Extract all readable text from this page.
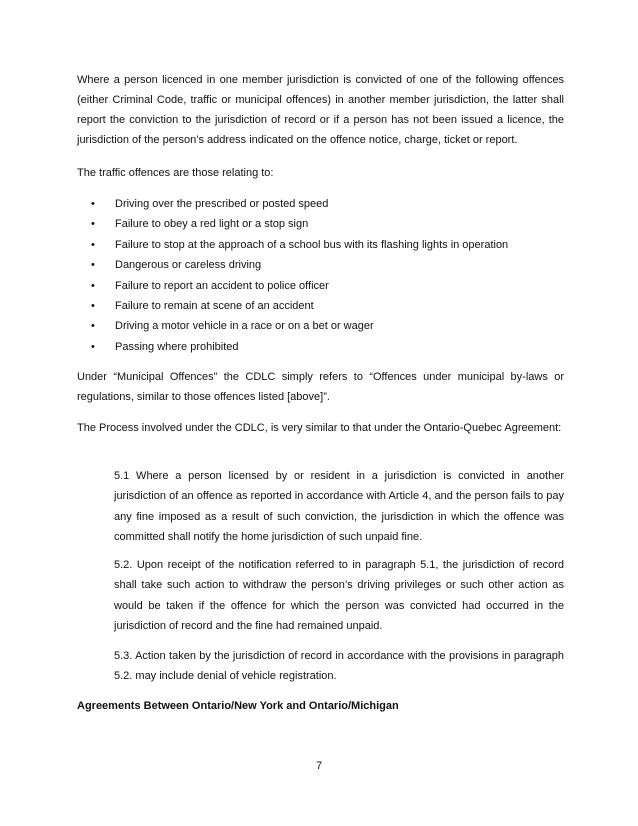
Where a person licenced in one member jurisdiction is convicted of one of the following offences (either Criminal Code, traffic or municipal offences) in another member jurisdiction, the latter shall report the conviction to the jurisdiction of record or if a person has not been issued a licence, the jurisdiction of the person’s address indicated on the offence notice, charge, ticket or report.

The traffic offences are those relating to:

• Driving over the prescribed or posted speed
• Failure to obey a red light or a stop sign
• Failure to stop at the approach of a school bus with its flashing lights in operation
• Dangerous or careless driving
• Failure to report an accident to police officer
• Failure to remain at scene of an accident
• Driving a motor vehicle in a race or on a bet or wager
• Passing where prohibited

Under “Municipal Offences” the CDLC simply refers to “Offences under municipal by-laws or regulations, similar to those offences listed [above]”.

The Process involved under the CDLC, is very similar to that under the Ontario-Quebec Agreement:

5.1 Where a person licensed by or resident in a jurisdiction is convicted in another jurisdiction of an offence as reported in accordance with Article 4, and the person fails to pay any fine imposed as a result of such conviction, the jurisdiction in which the offence was committed shall notify the home jurisdiction of such unpaid fine.

5.2. Upon receipt of the notification referred to in paragraph 5.1, the jurisdiction of record shall take such action to withdraw the person’s driving privileges or such other action as would be taken if the offence for which the person was convicted had occurred in the jurisdiction of record and the fine had remained unpaid.

5.3. Action taken by the jurisdiction of record in accordance with the provisions in paragraph 5.2. may include denial of vehicle registration.

Agreements Between Ontario/New York and Ontario/Michigan

7
